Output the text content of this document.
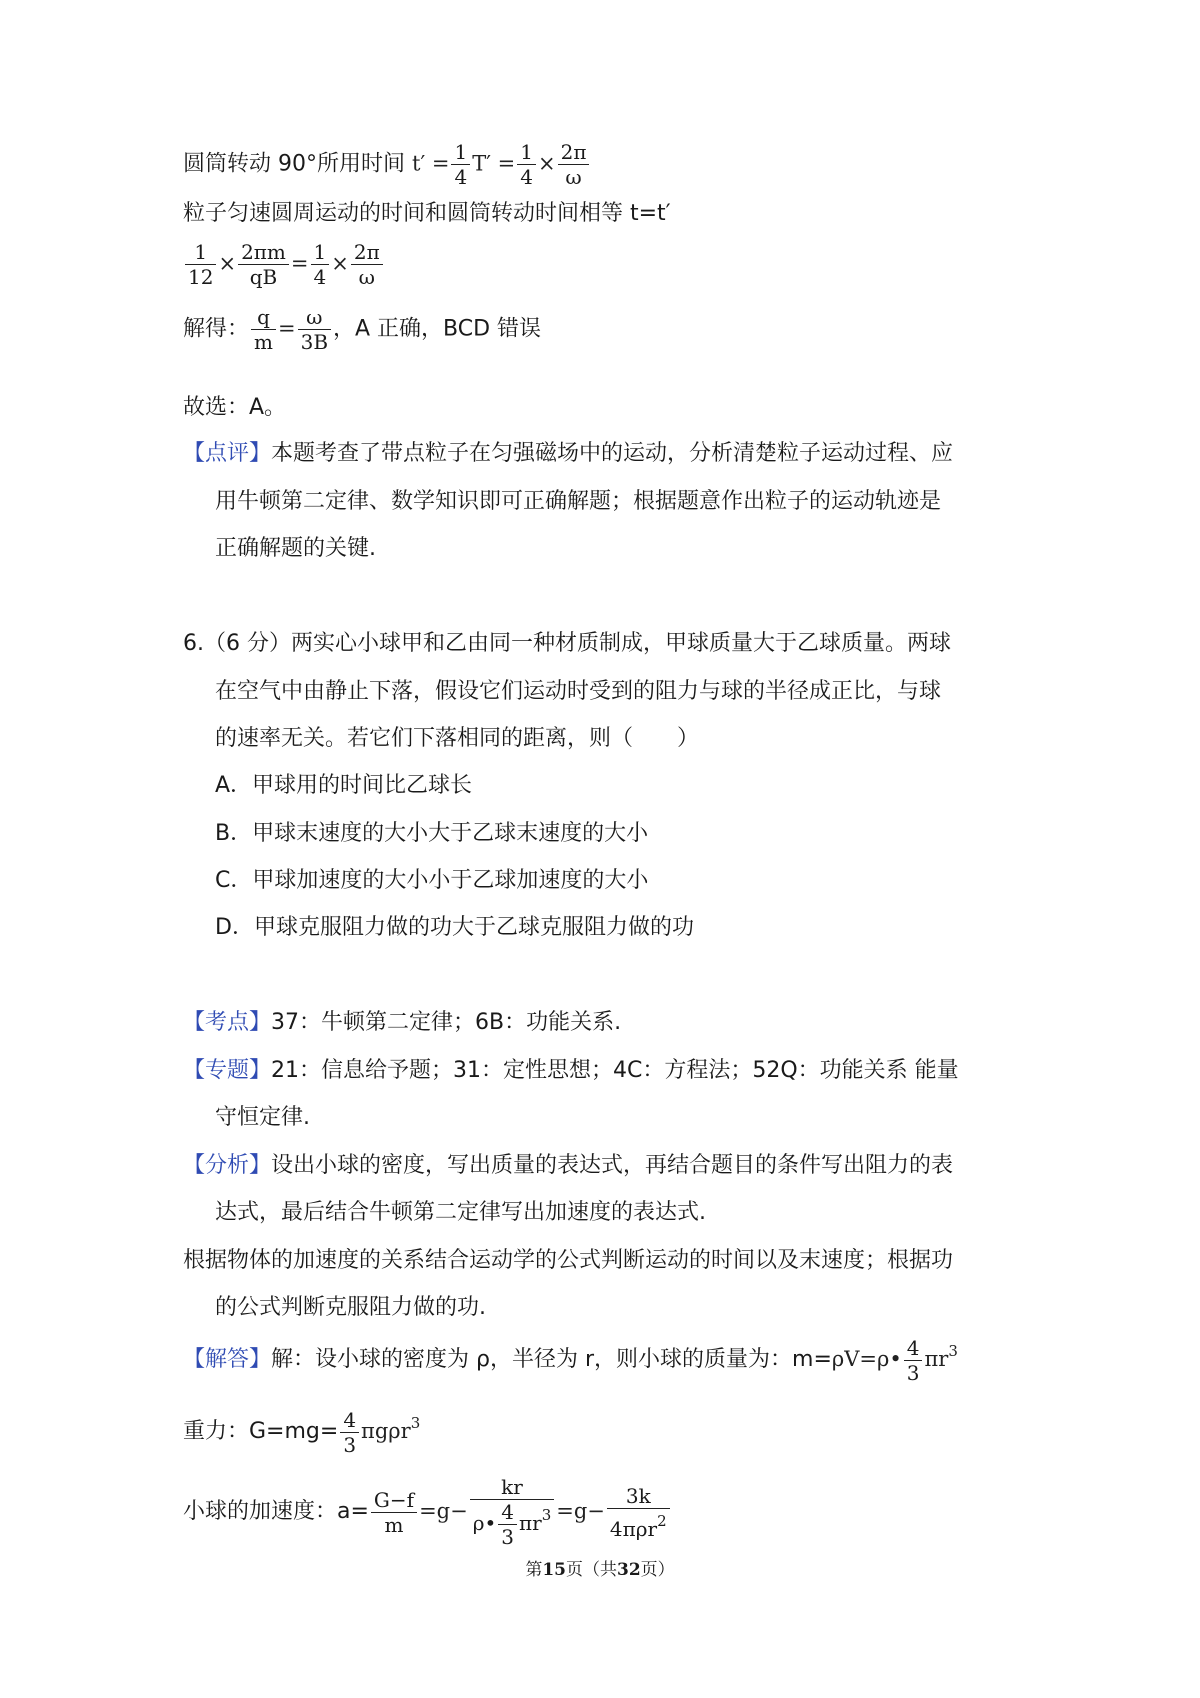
圆筒转动 90°所用时间 $t' = \frac{1}{4} T' = \frac{1}{4} \times \frac{2\pi}{\omega}$
粒子匀速圆周运动的时间和圆筒转动时间相等 t=t′
$\frac{1}{12} \times \frac{2\pi m}{qB} = \frac{1}{4} \times \frac{2\pi}{\omega}$
解得： $\frac{q}{m} = \frac{\omega}{3B}$ ，A 正确，BCD 错误
故选：A。
【点评】本题考查了带点粒子在匀强磁场中的运动，分析清楚粒子运动过程、应
用牛顿第二定律、数学知识即可正确解题；根据题意作出粒子的运动轨迹是
正确解题的关键.
6.（6 分）两实心小球甲和乙由同一种材质制成，甲球质量大于乙球质量。两球
在空气中由静止下落，假设它们运动时受到的阻力与球的半径成正比，与球
的速率无关。若它们下落相同的距离，则（　　）
A．甲球用的时间比乙球长
B．甲球末速度的大小大于乙球末速度的大小
C．甲球加速度的大小小于乙球加速度的大小
D．甲球克服阻力做的功大于乙球克服阻力做的功
【考点】37：牛顿第二定律；6B：功能关系.
【专题】21：信息给予题；31：定性思想；4C：方程法；52Q：功能关系 能量
守恒定律.
【分析】设出小球的密度，写出质量的表达式，再结合题目的条件写出阻力的表
达式，最后结合牛顿第二定律写出加速度的表达式.
根据物体的加速度的关系结合运动学的公式判断运动的时间以及末速度；根据功
的公式判断克服阻力做的功.
【解答】解：设小球的密度为 ρ，半径为 r，则小球的质量为：m=ρV=ρ• $\frac{4}{3} \pi r^3$
重力：$G=mg= \frac{4}{3} \pi g\rho r^3$
小球的加速度：$a= \frac{G-f}{m} =g- \frac{kr}{\rho• \frac{4}{3} \pi r^3} =g- \frac{3k}{4\pi\rho r^2}$
第15页（共32页）
